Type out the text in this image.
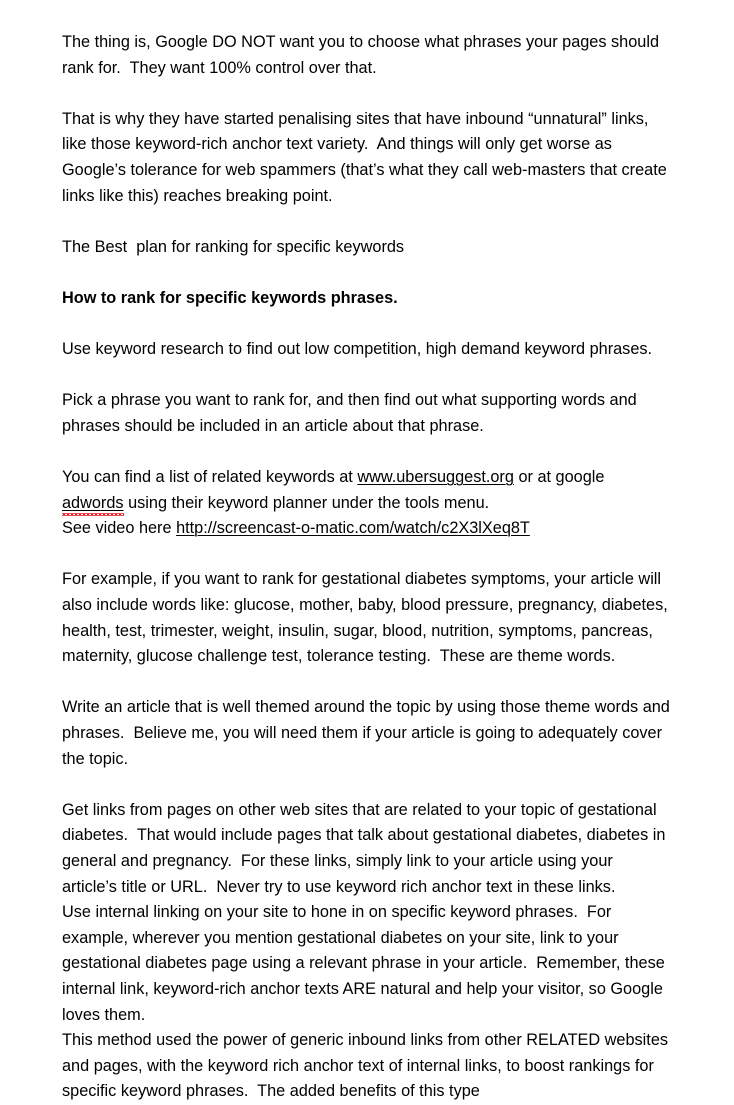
The thing is, Google DO NOT want you to choose what phrases your pages should rank for.  They want 100% control over that.

That is why they have started penalising sites that have inbound “unnatural” links, like those keyword-rich anchor text variety.  And things will only get worse as Google’s tolerance for web spammers (that’s what they call web-masters that create links like this) reaches breaking point.

The Best  plan for ranking for specific keywords

How to rank for specific keywords phrases.

Use keyword research to find out low competition, high demand keyword phrases.

Pick a phrase you want to rank for, and then find out what supporting words and phrases should be included in an article about that phrase.

You can find a list of related keywords at www.ubersuggest.org or at google adwords using their keyword planner under the tools menu.
See video here http://screencast-o-matic.com/watch/c2X3lXeq8T

For example, if you want to rank for gestational diabetes symptoms, your article will also include words like: glucose, mother, baby, blood pressure, pregnancy, diabetes, health, test, trimester, weight, insulin, sugar, blood, nutrition, symptoms, pancreas, maternity, glucose challenge test, tolerance testing.  These are theme words.

Write an article that is well themed around the topic by using those theme words and phrases.  Believe me, you will need them if your article is going to adequately cover the topic.

Get links from pages on other web sites that are related to your topic of gestational diabetes.  That would include pages that talk about gestational diabetes, diabetes in general and pregnancy.  For these links, simply link to your article using your article’s title or URL.  Never try to use keyword rich anchor text in these links.

Use internal linking on your site to hone in on specific keyword phrases.  For example, wherever you mention gestational diabetes on your site, link to your gestational diabetes page using a relevant phrase in your article.  Remember, these internal link, keyword-rich anchor texts ARE natural and help your visitor, so Google loves them.

This method used the power of generic inbound links from other RELATED websites and pages, with the keyword rich anchor text of internal links, to boost rankings for specific keyword phrases.  The added benefits of this type
